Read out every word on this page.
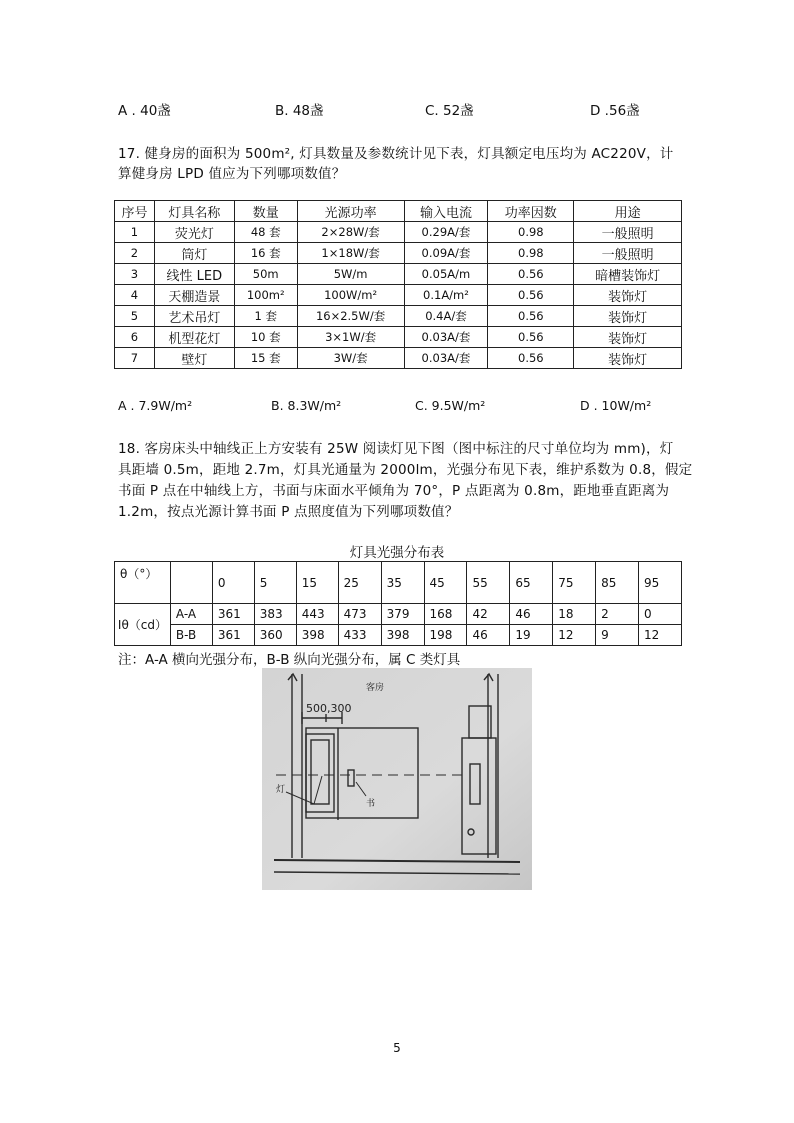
A . 40盏	B. 48盏	C. 52盏	D .56盏
17. 健身房的面积为 500m², 灯具数量及参数统计见下表，灯具额定电压均为 AC220V，计
算健身房 LPD 值应为下列哪项数值？
序号	灯具名称	数量	光源功率	输入电流	功率因数	用途
1	荧光灯	48 套	2×28W/套	0.29A/套	0.98	一般照明
2	筒灯	16 套	1×18W/套	0.09A/套	0.98	一般照明
3	线性 LED	50m	5W/m	0.05A/m	0.56	暗槽装饰灯
4	天棚造景	100m²	100W/m²	0.1A/m²	0.56	装饰灯
5	艺术吊灯	1 套	16×2.5W/套	0.4A/套	0.56	装饰灯
6	机型花灯	10 套	3×1W/套	0.03A/套	0.56	装饰灯
7	壁灯	15 套	3W/套	0.03A/套	0.56	装饰灯
A . 7.9W/m²	B. 8.3W/m²	C. 9.5W/m²	D . 10W/m²
18. 客房床头中轴线正上方安装有 25W 阅读灯见下图（图中标注的尺寸单位均为 mm)，灯
具距墙 0.5m，距地 2.7m，灯具光通量为 2000lm，光强分布见下表，维护系数为 0.8，假定
书面 P 点在中轴线上方，书面与床面水平倾角为 70°，P 点距离为 0.8m，距地垂直距离为
1.2m，按点光源计算书面 P 点照度值为下列哪项数值？
灯具光强分布表
θ（°）		0	5	15	25	35	45	55	65	75	85	95
Iθ（cd）	A-A	361	383	443	473	379	168	42	46	18	2	0
	B-B	361	360	398	433	398	198	46	19	12	9	12
注：A-A 横向光强分布，B-B 纵向光强分布，属 C 类灯具
500,300
客房
灯
书
5
